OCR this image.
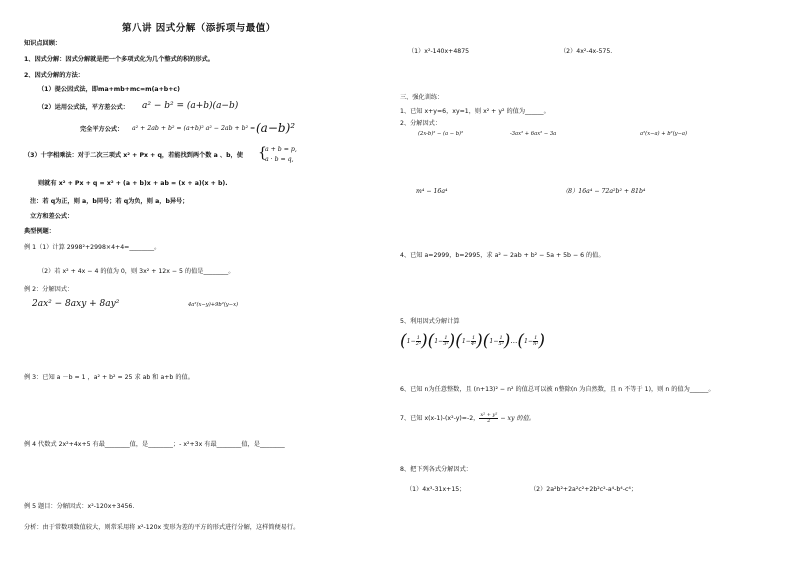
第八讲 因式分解（添拆项与最值）
知识点回顾：
1、因式分解：因式分解就是把一个多项式化为几个整式的积的形式。
2、因式分解的方法：
（1）提公因式法，即ma+mb+mc=m(a+b+c)
（2）运用公式法，平方差公式： a² − b² = (a+b)(a−b)
完全平方公式： a² + 2ab + b² = (a+b)² a² − 2ab + b² = (a−b)²
（3）十字相乘法：对于二次三项式 x² + Px + q，若能找到两个数 a 、b，使 {
a + b = p,
a · b = q,
则就有 x² + Px + q = x² + (a + b)x + ab = (x + a)(x + b).
注：若 q为正，则 a，b同号；若 q为负，则 a，b异号；
立方和差公式：
典型例题：
例 1（1）计算 2998²+2998×4+4=________。
（2）若 x² + 4x − 4 的值为 0，则 3x² + 12x − 5 的值是________。
例 2：分解因式：
2ax² − 8axy + 8ay²	4a²(x−y)+9b²(y−x)
例 3：已知 a －b = 1 ，a² + b² = 25 求 ab 和 a+b 的值。
例 4 代数式 2x²+4x+5 有最________值，是________；- x²+3x 有最________值，是________
例 5 题目：分解因式：x²-120x+3456.
分析：由于常数项数值较大，则常采用将 x²-120x 变形为差的平方的形式进行分解，这样简便易行。
（1）x²-140x+4875	（2）4x²-4x-575.
三、强化训练：
1、已知 x+y=6，xy=1，则 x² + y² 的值为______。
2、分解因式：
(2x-b)² − (a − b)²	-3ax² + 6ax² − 3a	a²(x−a) + b²(y−a)
m⁴ − 16a⁴	（8）16a⁴ − 72a²b² + 81b⁴
4、已知 a=2999，b=2995，求 a² − 2ab + b² − 5a + 5b − 6 的值。
5、利用因式分解计算
$(1- \frac{1}{\text{2²}} )(1- \frac{1}{\text{3²}} )(1- \frac{1}{\text{4²}} )(1- \frac{1}{\text{5²}}$ )…(1− $\frac{1}{\text{n²}}$ )
6、已知 n为任意整数，且 (n+13)² − n² 的值总可以被 n整除(n 为自然数，且 n 不等于 1)，则 n 的值为______。
7、已知 x(x-1)-(x²-y)=-2， $\frac{\text{x² + y²}}{2}$ − xy 的值。
8、把下列各式分解因式：
（1）4x³-31x+15；	（2）2a²b²+2a²c²+2b²c²-a⁴-b⁴-c⁴；
